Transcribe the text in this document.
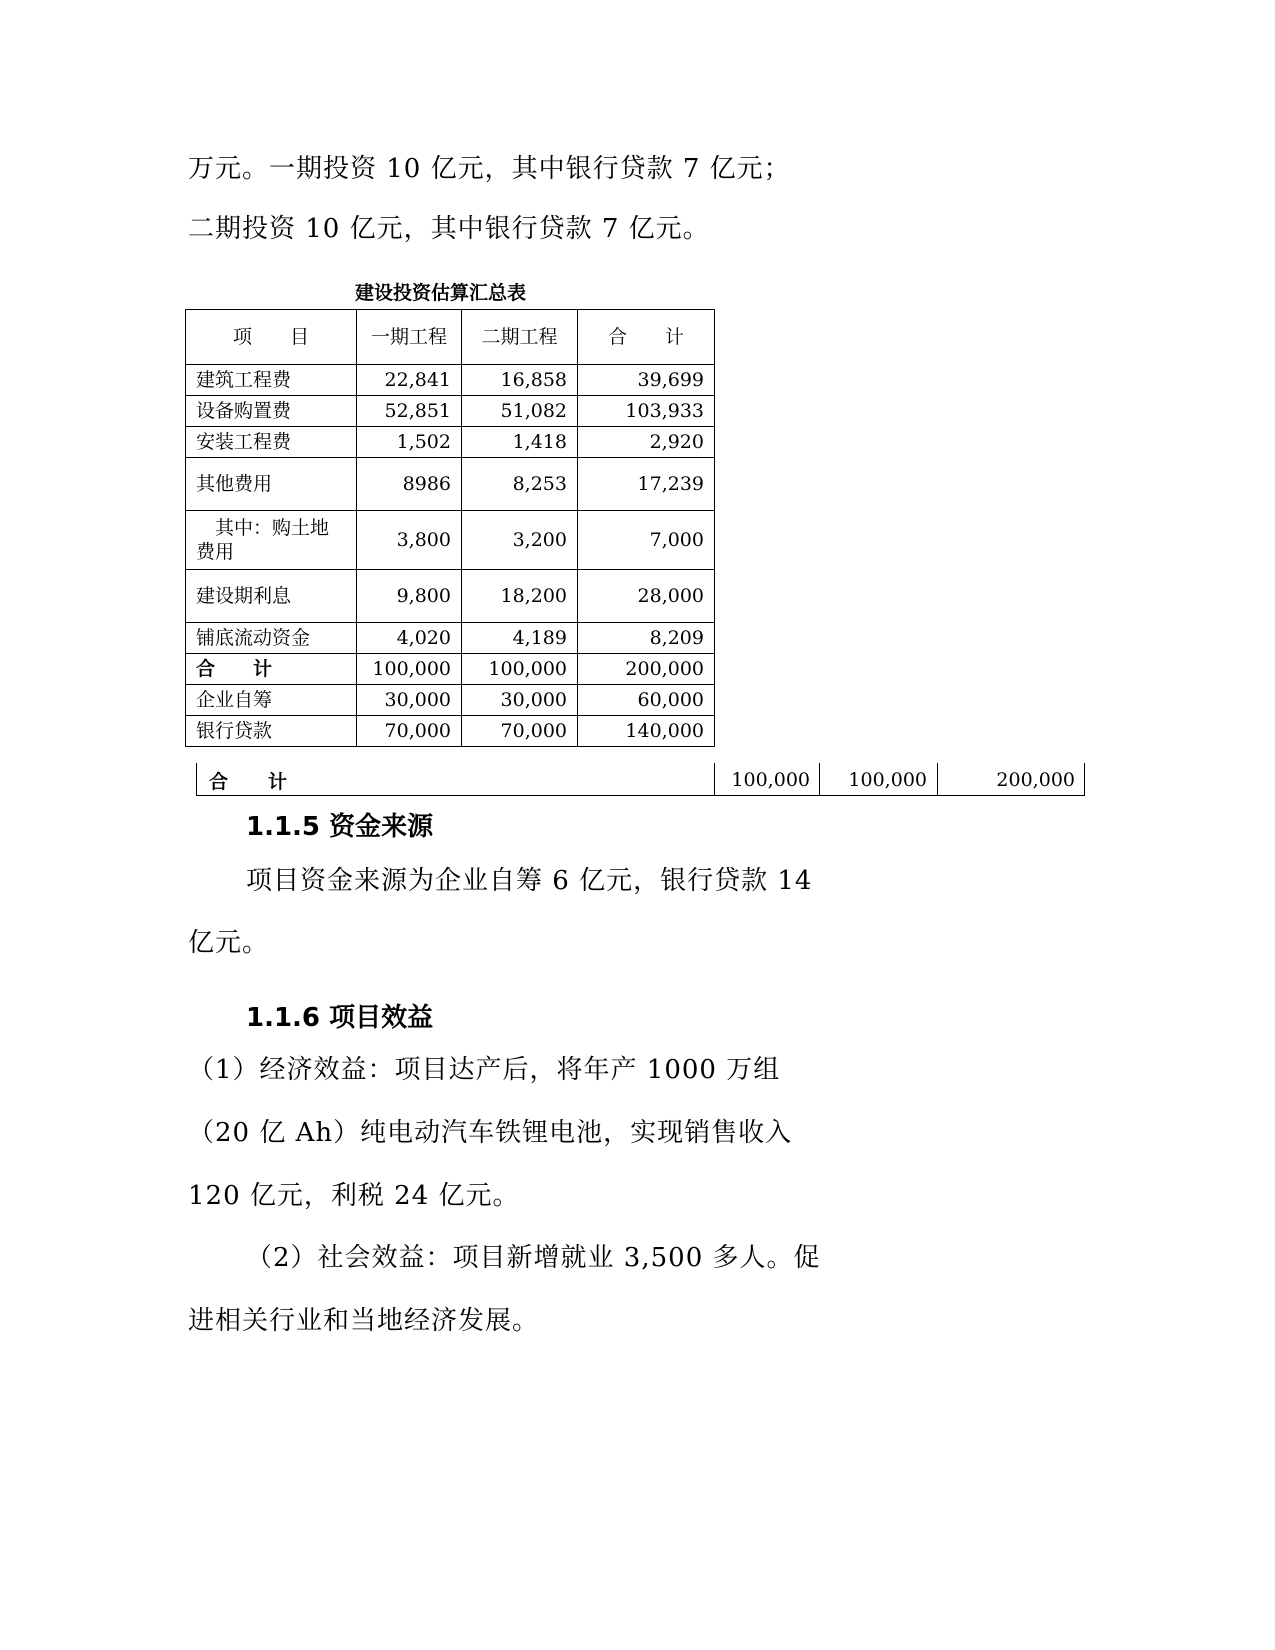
万元。一期投资 10 亿元，其中银行贷款 7 亿元；
二期投资 10 亿元，其中银行贷款 7 亿元。
建设投资估算汇总表
项　　目	一期工程	二期工程	合　　计
建筑工程费	22,841	16,858	39,699
设备购置费	52,851	51,082	103,933
安装工程费	1,502	1,418	2,920
其他费用	8986	8,253	17,239
　其中：购土地费用	3,800	3,200	7,000
建设期利息	9,800	18,200	28,000
铺底流动资金	4,020	4,189	8,209
合　　计	100,000	100,000	200,000
企业自筹	30,000	30,000	60,000
银行贷款	70,000	70,000	140,000
合计	100,000	100,000	200,000
1.1.5 资金来源
项目资金来源为企业自筹 6 亿元，银行贷款 14
亿元。
1.1.6 项目效益
（1）经济效益：项目达产后，将年产 1000 万组
（20 亿 Ah）纯电动汽车铁锂电池，实现销售收入
120 亿元，利税 24 亿元。
（2）社会效益：项目新增就业 3,500 多人。促
进相关行业和当地经济发展。
